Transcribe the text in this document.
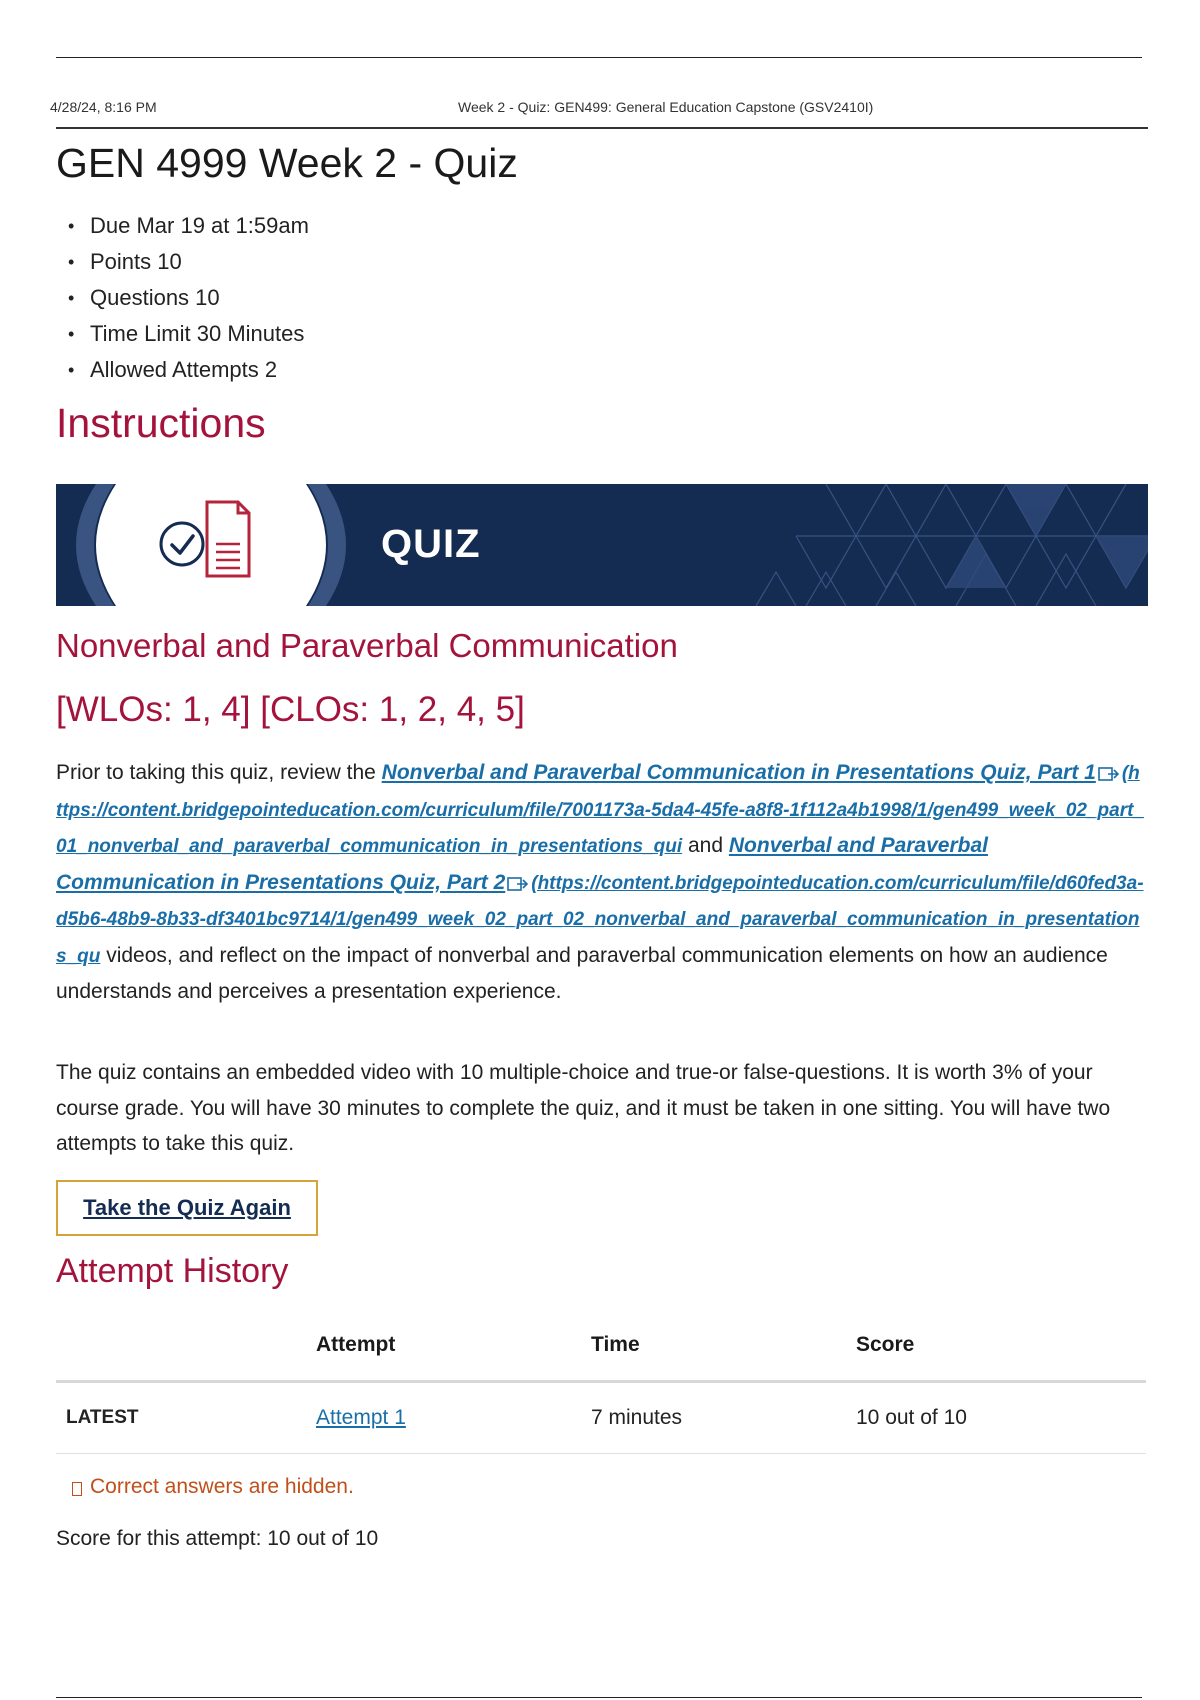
4/28/24, 8:16 PM	Week 2 - Quiz: GEN499: General Education Capstone (GSV2410I)
GEN 4999 Week 2 - Quiz
• Due Mar 19 at 1:59am
• Points 10
• Questions 10
• Time Limit 30 Minutes
• Allowed Attempts 2
Instructions
QUIZ
Nonverbal and Paraverbal Communication
[WLOs: 1, 4] [CLOs: 1, 2, 4, 5]

Prior to taking this quiz, review the Nonverbal and Paraverbal Communication in Presentations Quiz, Part 1 (https://content.bridgepointeducation.com/curriculum/file/7001173a-5da4-45fe-a8f8-1f112a4b1998/1/gen499_week_02_part_01_nonverbal_and_paraverbal_communication_in_presentations_qui and Nonverbal and Paraverbal Communication in Presentations Quiz, Part 2 (https://content.bridgepointeducation.com/curriculum/file/d60fed3a-d5b6-48b9-8b33-df3401bc9714/1/gen499_week_02_part_02_nonverbal_and_paraverbal_communication_in_presentations_qu videos, and reflect on the impact of nonverbal and paraverbal communication elements on how an audience understands and perceives a presentation experience.

The quiz contains an embedded video with 10 multiple-choice and true-or false-questions. It is worth 3% of your course grade. You will have 30 minutes to complete the quiz, and it must be taken in one sitting. You will have two attempts to take this quiz.

Take the Quiz Again
Attempt History
	Attempt	Time	Score
LATEST	Attempt 1	7 minutes	10 out of 10
Correct answers are hidden.
Score for this attempt: 10 out of 10
